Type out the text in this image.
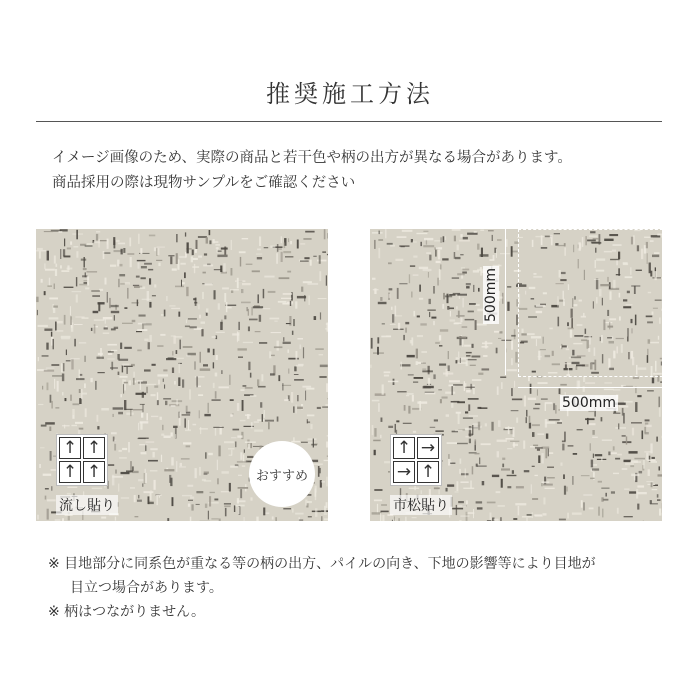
推奨施工方法
イメージ画像のため、実際の商品と若干色や柄の出方が異なる場合があります。
商品採用の際は現物サンプルをご確認ください
↑ ↑
↑ ↑
流し貼り
おすすめ
500mm
500mm
↑ →
→ ↑
市松貼り
※ 目地部分に同系色が重なる等の柄の出方、パイルの向き、下地の影響等により目地が
目立つ場合があります。
※ 柄はつながりません。
